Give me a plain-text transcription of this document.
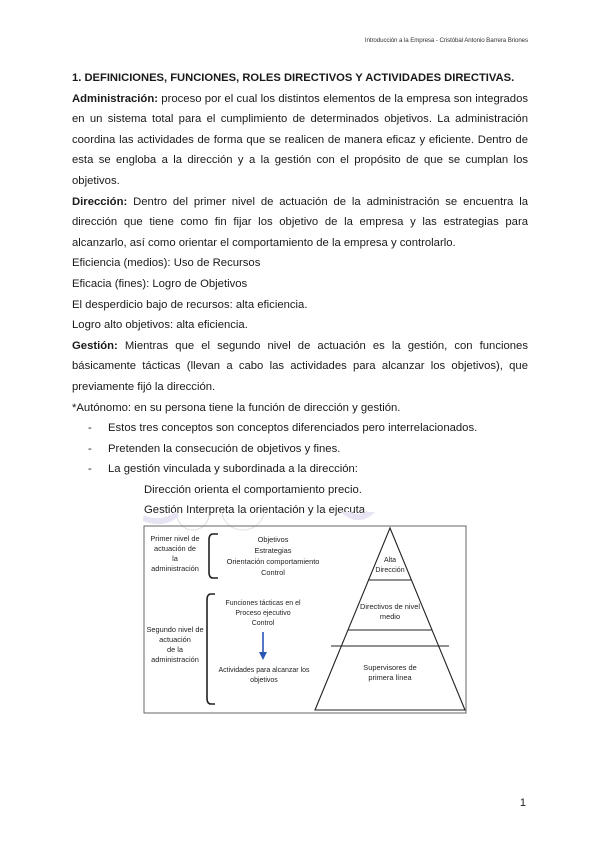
Introducción a la Empresa - Cristóbal Antonio Barrera Briones

1. DEFINICIONES, FUNCIONES, ROLES DIRECTIVOS Y ACTIVIDADES DIRECTIVAS.

Administración: proceso por el cual los distintos elementos de la empresa son integrados en un sistema total para el cumplimiento de determinados objetivos. La administración coordina las actividades de forma que se realicen de manera eficaz y eficiente. Dentro de esta se engloba a la dirección y a la gestión con el propósito de que se cumplan los objetivos.

Dirección: Dentro del primer nivel de actuación de la administración se encuentra la dirección que tiene como fin fijar los objetivo de la empresa y las estrategias para alcanzarlo, así como orientar el comportamiento de la empresa y controlarlo.

Eficiencia (medios): Uso de Recursos

Eficacia (fines): Logro de Objetivos

El desperdicio bajo de recursos: alta eficiencia.

Logro alto objetivos: alta eficiencia.

Gestión: Mientras que el segundo nivel de actuación es la gestión, con funciones básicamente tácticas (llevan a cabo las actividades para alcanzar los objetivos), que previamente fijó la dirección.

*Autónomo: en su persona tiene la función de dirección y gestión.

- Estos tres conceptos son conceptos diferenciados pero interrelacionados.
- Pretenden la consecución de objetivos y fines.
- La gestión vinculada y subordinada a la dirección:

Dirección orienta el comportamiento precio.

Gestión Interpreta la orientación y la ejecuta.

Primer nivel de actuación de la administración
Segundo nivel de actuación de la administración
Objetivos Estrategias Orientación comportamiento Control
Funciones tácticas en el Proceso ejecutivo Control
Actividades para alcanzar los objetivos
Alta Dirección
Directivos de nivel medio
Supervisores de primera línea
1
